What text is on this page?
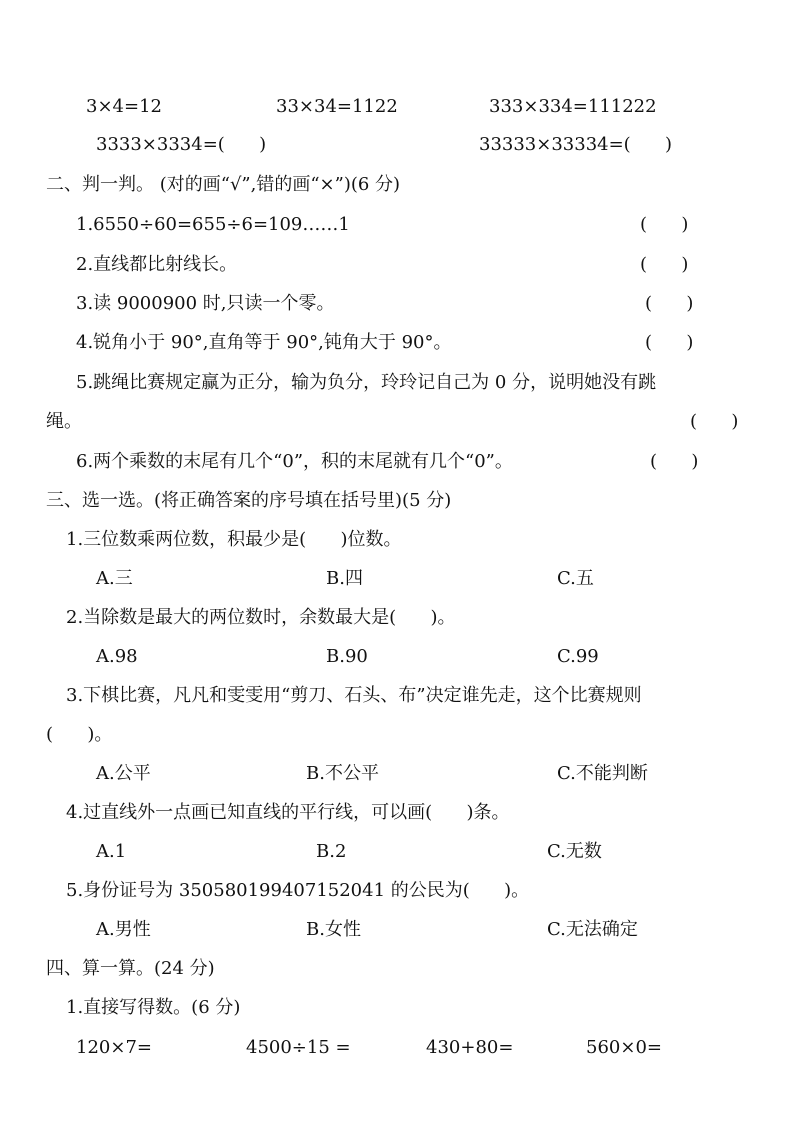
3×4=12	33×34=1122	333×334=111222
3333×3334=(      )	33333×33334=(      )
二、判一判。 (对的画“√”,错的画“×”)(6 分)
1.6550÷60=655÷6=109……1	(      )
2.直线都比射线长。	(      )
3.读 9000900 时,只读一个零。	(      )
4.锐角小于 90°,直角等于 90°,钝角大于 90°。	(      )
5.跳绳比赛规定赢为正分，输为负分，玲玲记自己为 0 分，说明她没有跳
绳。	(      )
6.两个乘数的末尾有几个“0”，积的末尾就有几个“0”。	(      )
三、选一选。(将正确答案的序号填在括号里)(5 分)
1.三位数乘两位数，积最少是(      )位数。
A.三	B.四	C.五
2.当除数是最大的两位数时，余数最大是(      )。
A.98	B.90	C.99
3.下棋比赛，凡凡和雯雯用“剪刀、石头、布”决定谁先走，这个比赛规则
(      )。
A.公平	B.不公平	C.不能判断
4.过直线外一点画已知直线的平行线，可以画(      )条。
A.1	B.2	C.无数
5.身份证号为 350580199407152041 的公民为(      )。
A.男性	B.女性	C.无法确定
四、算一算。(24 分)
1.直接写得数。(6 分)
120×7=	4500÷15 =	430+80=	560×0=
